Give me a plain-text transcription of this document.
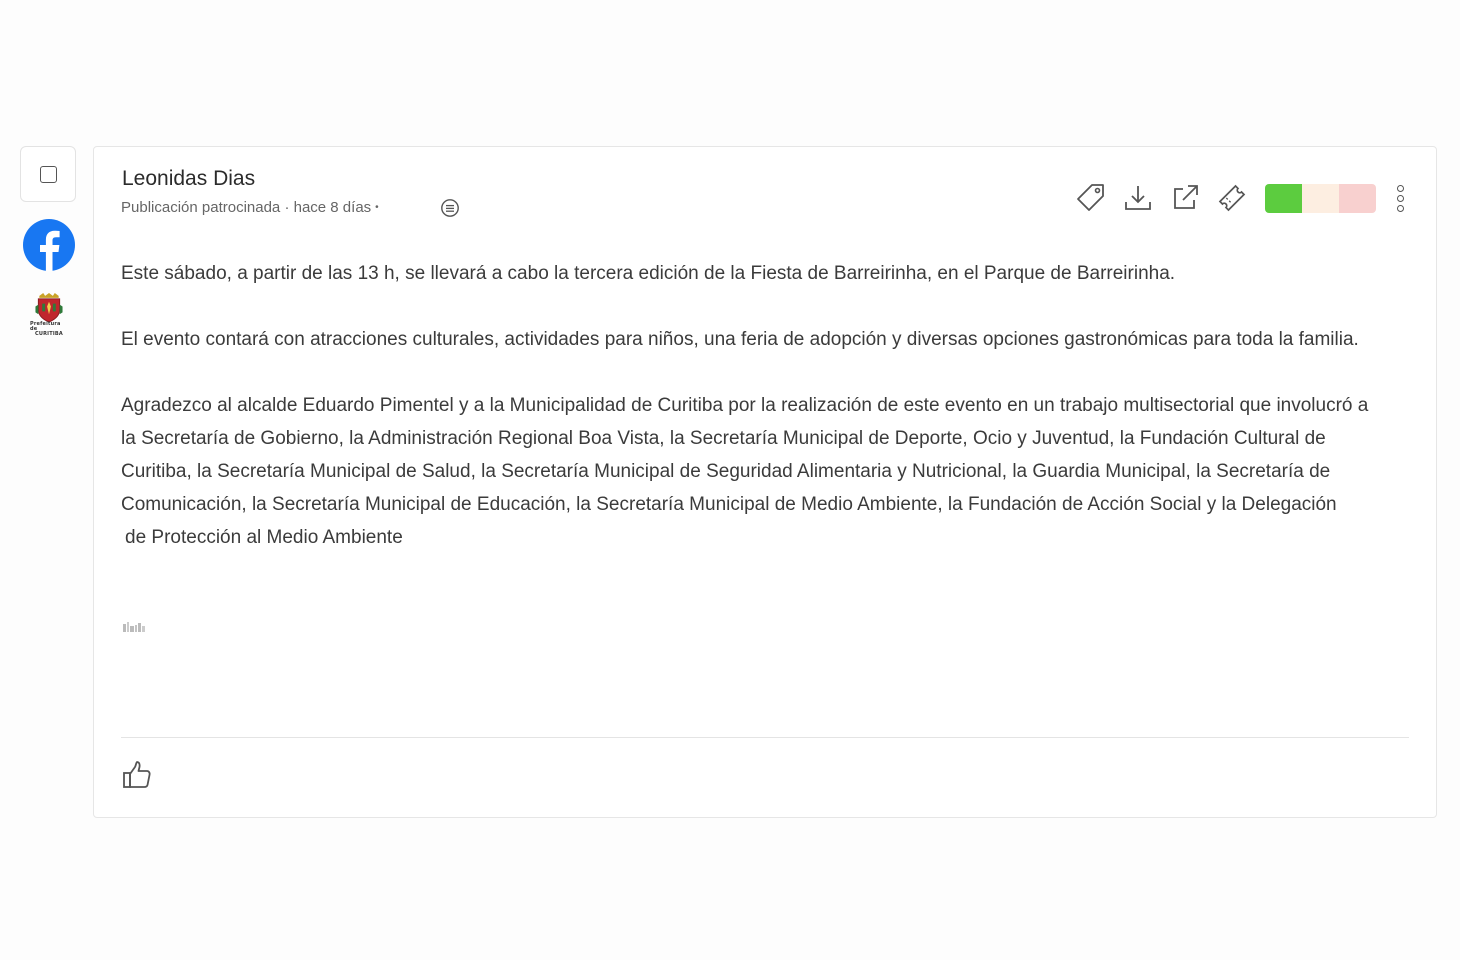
Prefeitura de
CURITIBA
Leonidas Dias
Publicación patrocinada · hace 8 días •

Este sábado, a partir de las 13 h, se llevará a cabo la tercera edición de la Fiesta de Barreirinha, en el Parque de Barreirinha.

El evento contará con atracciones culturales, actividades para niños, una feria de adopción y diversas opciones gastronómicas para toda la familia.

Agradezco al alcalde Eduardo Pimentel y a la Municipalidad de Curitiba por la realización de este evento en un trabajo multisectorial que involucró a la Secretaría de Gobierno, la Administración Regional Boa Vista, la Secretaría Municipal de Deporte, Ocio y Juventud, la Fundación Cultural de Curitiba, la Secretaría Municipal de Salud, la Secretaría Municipal de Seguridad Alimentaria y Nutricional, la Guardia Municipal, la Secretaría de Comunicación, la Secretaría Municipal de Educación, la Secretaría Municipal de Medio Ambiente, la Fundación de Acción Social y la Delegación

de Protección al Medio Ambiente
